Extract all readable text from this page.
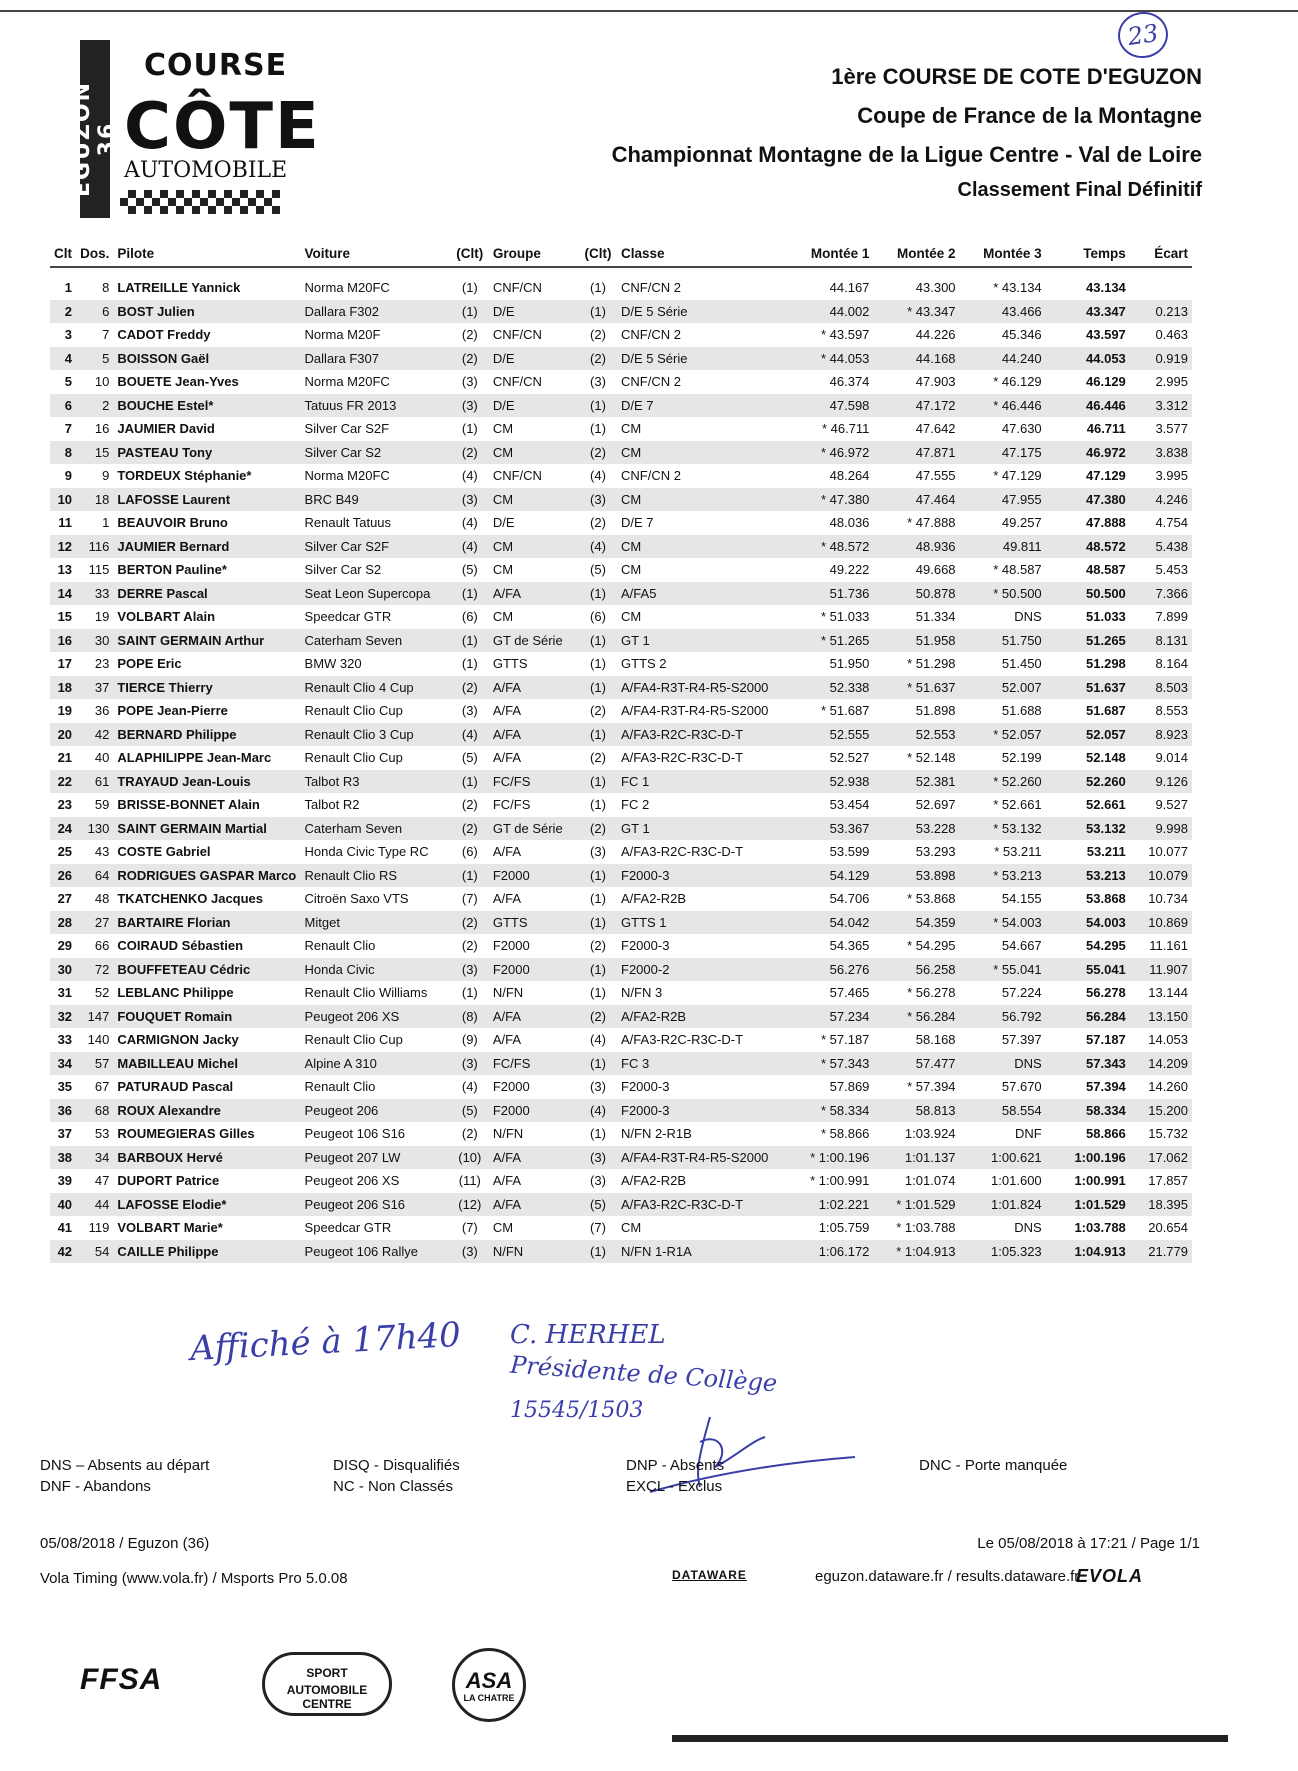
23
EGUZON 36
COURSE
CÔTE
AUTOMOBILE
1ère COURSE DE COTE D'EGUZON
Coupe de France de la Montagne
Championnat Montagne de la Ligue Centre - Val de Loire
Classement Final Définitif
Clt	Dos.	Pilote	Voiture	(Clt)	Groupe	(Clt)	Classe	Montée 1	Montée 2	Montée 3	Temps	Écart

1	8	LATREILLE Yannick	Norma M20FC	(1)	CNF/CN	(1)	CNF/CN 2	44.167	43.300	* 43.134	43.134	
2	6	BOST Julien	Dallara F302	(1)	D/E	(1)	D/E 5 Série	44.002	* 43.347	43.466	43.347	0.213
3	7	CADOT Freddy	Norma M20F	(2)	CNF/CN	(2)	CNF/CN 2	* 43.597	44.226	45.346	43.597	0.463
4	5	BOISSON Gaël	Dallara F307	(2)	D/E	(2)	D/E 5 Série	* 44.053	44.168	44.240	44.053	0.919
5	10	BOUETE Jean-Yves	Norma M20FC	(3)	CNF/CN	(3)	CNF/CN 2	46.374	47.903	* 46.129	46.129	2.995
6	2	BOUCHE Estel*	Tatuus FR 2013	(3)	D/E	(1)	D/E 7	47.598	47.172	* 46.446	46.446	3.312
7	16	JAUMIER David	Silver Car S2F	(1)	CM	(1)	CM	* 46.711	47.642	47.630	46.711	3.577
8	15	PASTEAU Tony	Silver Car S2	(2)	CM	(2)	CM	* 46.972	47.871	47.175	46.972	3.838
9	9	TORDEUX Stéphanie*	Norma M20FC	(4)	CNF/CN	(4)	CNF/CN 2	48.264	47.555	* 47.129	47.129	3.995
10	18	LAFOSSE Laurent	BRC B49	(3)	CM	(3)	CM	* 47.380	47.464	47.955	47.380	4.246
11	1	BEAUVOIR Bruno	Renault Tatuus	(4)	D/E	(2)	D/E 7	48.036	* 47.888	49.257	47.888	4.754
12	116	JAUMIER Bernard	Silver Car S2F	(4)	CM	(4)	CM	* 48.572	48.936	49.811	48.572	5.438
13	115	BERTON Pauline*	Silver Car S2	(5)	CM	(5)	CM	49.222	49.668	* 48.587	48.587	5.453
14	33	DERRE Pascal	Seat Leon Supercopa	(1)	A/FA	(1)	A/FA5	51.736	50.878	* 50.500	50.500	7.366
15	19	VOLBART Alain	Speedcar GTR	(6)	CM	(6)	CM	* 51.033	51.334	DNS	51.033	7.899
16	30	SAINT GERMAIN Arthur	Caterham Seven	(1)	GT de Série	(1)	GT 1	* 51.265	51.958	51.750	51.265	8.131
17	23	POPE Eric	BMW 320	(1)	GTTS	(1)	GTTS 2	51.950	* 51.298	51.450	51.298	8.164
18	37	TIERCE Thierry	Renault Clio 4 Cup	(2)	A/FA	(1)	A/FA4-R3T-R4-R5-S2000	52.338	* 51.637	52.007	51.637	8.503
19	36	POPE Jean-Pierre	Renault Clio Cup	(3)	A/FA	(2)	A/FA4-R3T-R4-R5-S2000	* 51.687	51.898	51.688	51.687	8.553
20	42	BERNARD Philippe	Renault Clio 3 Cup	(4)	A/FA	(1)	A/FA3-R2C-R3C-D-T	52.555	52.553	* 52.057	52.057	8.923
21	40	ALAPHILIPPE Jean-Marc	Renault Clio Cup	(5)	A/FA	(2)	A/FA3-R2C-R3C-D-T	52.527	* 52.148	52.199	52.148	9.014
22	61	TRAYAUD Jean-Louis	Talbot R3	(1)	FC/FS	(1)	FC 1	52.938	52.381	* 52.260	52.260	9.126
23	59	BRISSE-BONNET Alain	Talbot R2	(2)	FC/FS	(1)	FC 2	53.454	52.697	* 52.661	52.661	9.527
24	130	SAINT GERMAIN Martial	Caterham Seven	(2)	GT de Série	(2)	GT 1	53.367	53.228	* 53.132	53.132	9.998
25	43	COSTE Gabriel	Honda Civic Type RC	(6)	A/FA	(3)	A/FA3-R2C-R3C-D-T	53.599	53.293	* 53.211	53.211	10.077
26	64	RODRIGUES GASPAR Marco	Renault Clio RS	(1)	F2000	(1)	F2000-3	54.129	53.898	* 53.213	53.213	10.079
27	48	TKATCHENKO Jacques	Citroën Saxo VTS	(7)	A/FA	(1)	A/FA2-R2B	54.706	* 53.868	54.155	53.868	10.734
28	27	BARTAIRE Florian	Mitget	(2)	GTTS	(1)	GTTS 1	54.042	54.359	* 54.003	54.003	10.869
29	66	COIRAUD Sébastien	Renault Clio	(2)	F2000	(2)	F2000-3	54.365	* 54.295	54.667	54.295	11.161
30	72	BOUFFETEAU Cédric	Honda Civic	(3)	F2000	(1)	F2000-2	56.276	56.258	* 55.041	55.041	11.907
31	52	LEBLANC Philippe	Renault Clio Williams	(1)	N/FN	(1)	N/FN 3	57.465	* 56.278	57.224	56.278	13.144
32	147	FOUQUET Romain	Peugeot 206 XS	(8)	A/FA	(2)	A/FA2-R2B	57.234	* 56.284	56.792	56.284	13.150
33	140	CARMIGNON Jacky	Renault Clio Cup	(9)	A/FA	(4)	A/FA3-R2C-R3C-D-T	* 57.187	58.168	57.397	57.187	14.053
34	57	MABILLEAU Michel	Alpine A 310	(3)	FC/FS	(1)	FC 3	* 57.343	57.477	DNS	57.343	14.209
35	67	PATURAUD Pascal	Renault Clio	(4)	F2000	(3)	F2000-3	57.869	* 57.394	57.670	57.394	14.260
36	68	ROUX Alexandre	Peugeot 206	(5)	F2000	(4)	F2000-3	* 58.334	58.813	58.554	58.334	15.200
37	53	ROUMEGIERAS Gilles	Peugeot 106 S16	(2)	N/FN	(1)	N/FN 2-R1B	* 58.866	1:03.924	DNF	58.866	15.732
38	34	BARBOUX Hervé	Peugeot 207 LW	(10)	A/FA	(3)	A/FA4-R3T-R4-R5-S2000	* 1:00.196	1:01.137	1:00.621	1:00.196	17.062
39	47	DUPORT Patrice	Peugeot 206 XS	(11)	A/FA	(3)	A/FA2-R2B	* 1:00.991	1:01.074	1:01.600	1:00.991	17.857
40	44	LAFOSSE Elodie*	Peugeot 206 S16	(12)	A/FA	(5)	A/FA3-R2C-R3C-D-T	1:02.221	* 1:01.529	1:01.824	1:01.529	18.395
41	119	VOLBART Marie*	Speedcar GTR	(7)	CM	(7)	CM	1:05.759	* 1:03.788	DNS	1:03.788	20.654
42	54	CAILLE Philippe	Peugeot 106 Rallye	(3)	N/FN	(1)	N/FN 1-R1A	1:06.172	* 1:04.913	1:05.323	1:04.913	21.779
Affiché à 17h40 C. HERHEL
Présidente de Collège
15545/1503
DNS – Absents au départ
DNF - Abandons
DISQ - Disqualifiés
NC - Non Classés
DNP - Absents
EXCL - Exclus
DNC - Porte manquée
05/08/2018 / Eguzon (36)	Le 05/08/2018 à 17:21 / Page 1/1
Vola Timing (www.vola.fr) / Msports Pro 5.0.08	DATAWARE	eguzon.dataware.fr / results.dataware.fr
EVOLA
FFSA	SPORT
AUTOMOBILE
CENTRE
ASA
LA CHATRE
